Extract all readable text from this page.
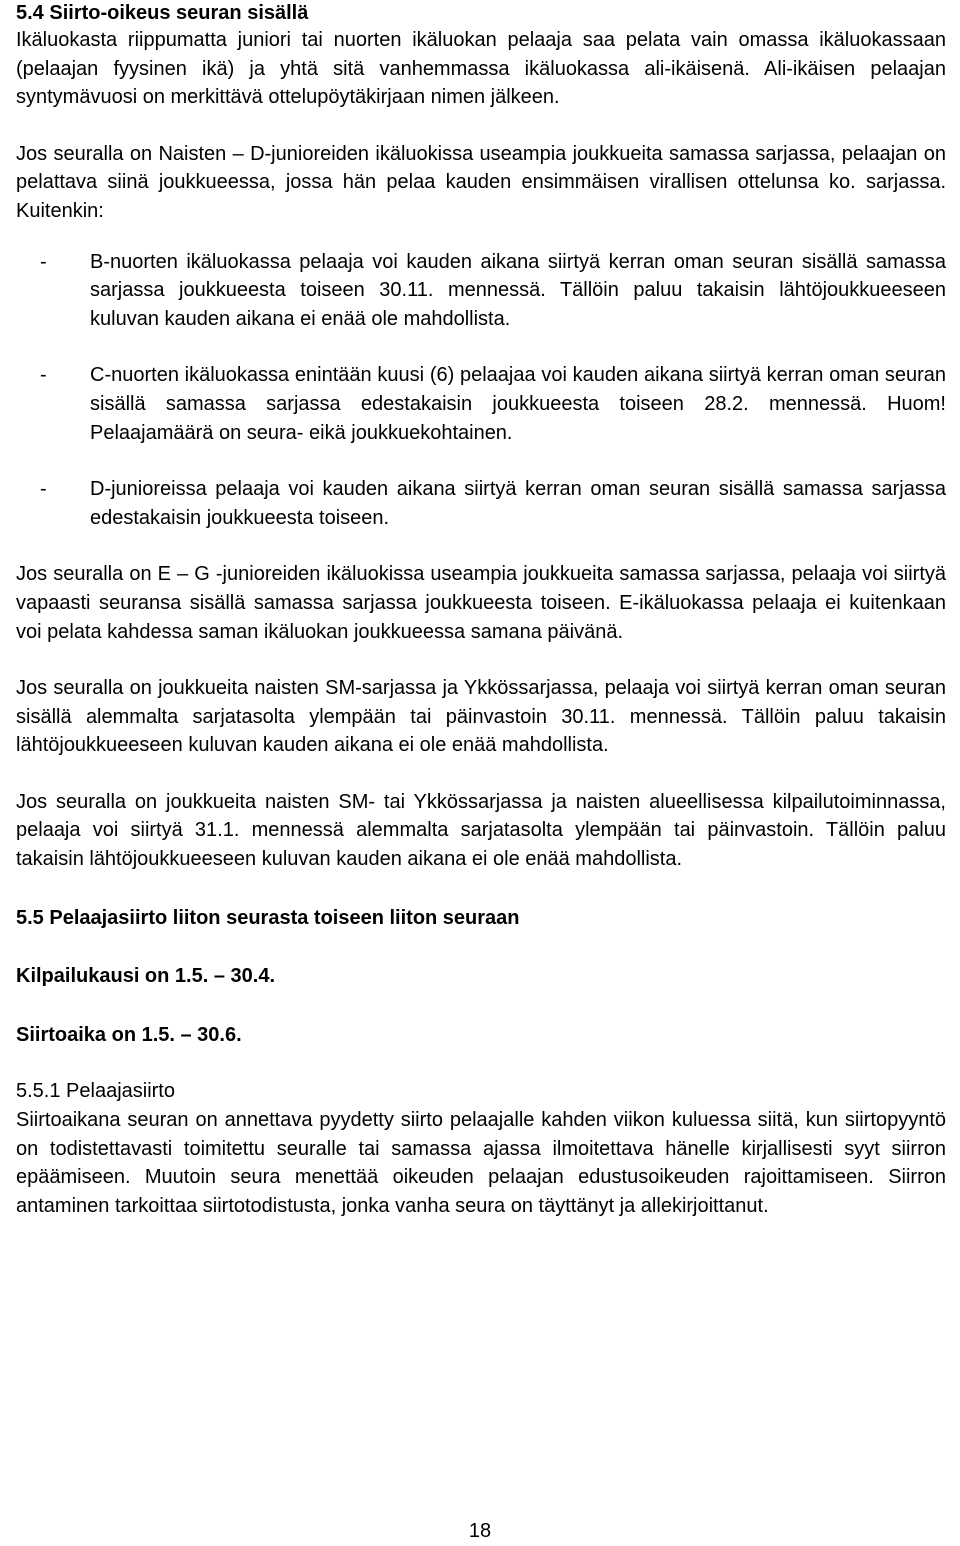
5.4 Siirto-oikeus seuran sisällä

Ikäluokasta riippumatta juniori tai nuorten ikäluokan pelaaja saa pelata vain omassa ikäluokassaan (pelaajan fyysinen ikä) ja yhtä sitä vanhemmassa ikäluokassa ali-ikäisenä. Ali-ikäisen pelaajan syntymävuosi on merkittävä ottelupöytäkirjaan nimen jälkeen.

Jos seuralla on Naisten – D-junioreiden ikäluokissa useampia joukkueita samassa sarjassa, pelaajan on pelattava siinä joukkueessa, jossa hän pelaa kauden ensimmäisen virallisen ottelunsa ko. sarjassa. Kuitenkin:

- B-nuorten ikäluokassa pelaaja voi kauden aikana siirtyä kerran oman seuran sisällä samassa sarjassa joukkueesta toiseen 30.11. mennessä. Tällöin paluu takaisin lähtöjoukkueeseen kuluvan kauden aikana ei enää ole mahdollista.
- C-nuorten ikäluokassa enintään kuusi (6) pelaajaa voi kauden aikana siirtyä kerran oman seuran sisällä samassa sarjassa edestakaisin joukkueesta toiseen 28.2. mennessä. Huom! Pelaajamäärä on seura- eikä joukkuekohtainen.
- D-junioreissa pelaaja voi kauden aikana siirtyä kerran oman seuran sisällä samassa sarjassa edestakaisin joukkueesta toiseen.

Jos seuralla on E – G -junioreiden ikäluokissa useampia joukkueita samassa sarjassa, pelaaja voi siirtyä vapaasti seuransa sisällä samassa sarjassa joukkueesta toiseen. E-ikäluokassa pelaaja ei kuitenkaan voi pelata kahdessa saman ikäluokan joukkueessa samana päivänä.

Jos seuralla on joukkueita naisten SM-sarjassa ja Ykkössarjassa, pelaaja voi siirtyä kerran oman seuran sisällä alemmalta sarjatasolta ylempään tai päinvastoin 30.11. mennessä. Tällöin paluu takaisin lähtöjoukkueeseen kuluvan kauden aikana ei ole enää mahdollista.

Jos seuralla on joukkueita naisten SM- tai Ykkössarjassa ja naisten alueellisessa kilpailutoiminnassa, pelaaja voi siirtyä 31.1. mennessä alemmalta sarjatasolta ylempään tai päinvastoin. Tällöin paluu takaisin lähtöjoukkueeseen kuluvan kauden aikana ei ole enää mahdollista.

5.5 Pelaajasiirto liiton seurasta toiseen liiton seuraan

Kilpailukausi on 1.5. – 30.4.

Siirtoaika on 1.5. – 30.6.

5.5.1 Pelaajasiirto

Siirtoaikana seuran on annettava pyydetty siirto pelaajalle kahden viikon kuluessa siitä, kun siirtopyyntö on todistettavasti toimitettu seuralle tai samassa ajassa ilmoitettava hänelle kirjallisesti syyt siirron epäämiseen. Muutoin seura menettää oikeuden pelaajan edustusoikeuden rajoittamiseen. Siirron antaminen tarkoittaa siirtotodistusta, jonka vanha seura on täyttänyt ja allekirjoittanut.

18
